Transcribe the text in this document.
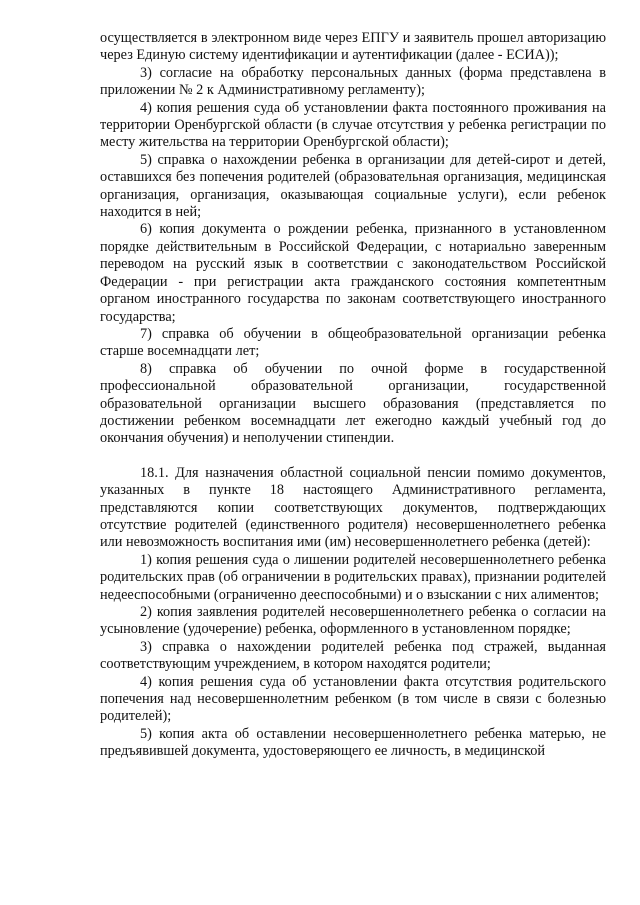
осуществляется в электронном виде через ЕПГУ и заявитель прошел авторизацию через Единую систему идентификации и аутентификации (далее - ЕСИА));

3) согласие на обработку персональных данных (форма представлена в приложении № 2 к Административному регламенту);

4) копия решения суда об установлении факта постоянного проживания на территории Оренбургской области (в случае отсутствия у ребенка регистрации по месту жительства на территории Оренбургской области);

5) справка о нахождении ребенка в организации для детей-сирот и детей, оставшихся без попечения родителей (образовательная организация, медицинская организация, организация, оказывающая социальные услуги), если ребенок находится в ней;

6) копия документа о рождении ребенка, признанного в установленном порядке действительным в Российской Федерации, с нотариально заверенным переводом на русский язык в соответствии с законодательством Российской Федерации - при регистрации акта гражданского состояния компетентным органом иностранного государства по законам соответствующего иностранного государства;

7) справка об обучении в общеобразовательной организации ребенка старше восемнадцати лет;

8) справка об обучении по очной форме в государственной профессиональной образовательной организации, государственной образовательной организации высшего образования (представляется по достижении ребенком восемнадцати лет ежегодно каждый учебный год до окончания обучения) и неполучении стипендии.

18.1. Для назначения областной социальной пенсии помимо документов, указанных в пункте 18 настоящего Административного регламента, представляются копии соответствующих документов, подтверждающих отсутствие родителей (единственного родителя) несовершеннолетнего ребенка или невозможность воспитания ими (им) несовершеннолетнего ребенка (детей):

1) копия решения суда о лишении родителей несовершеннолетнего ребенка родительских прав (об ограничении в родительских правах), признании родителей недееспособными (ограниченно дееспособными) и о взыскании с них алиментов;

2) копия заявления родителей несовершеннолетнего ребенка о согласии на усыновление (удочерение) ребенка, оформленного в установленном порядке;

3) справка о нахождении родителей ребенка под стражей, выданная соответствующим учреждением, в котором находятся родители;

4) копия решения суда об установлении факта отсутствия родительского попечения над несовершеннолетним ребенком (в том числе в связи с болезнью родителей);

5) копия акта об оставлении несовершеннолетнего ребенка матерью, не предъявившей документа, удостоверяющего ее личность, в медицинской
